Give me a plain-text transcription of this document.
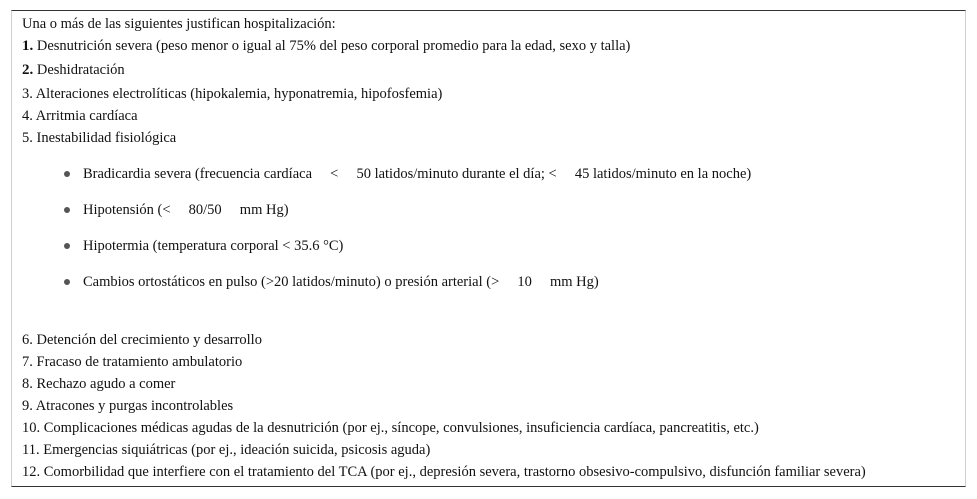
Una o más de las siguientes justifican hospitalización:
1. Desnutrición severa (peso menor o igual al 75% del peso corporal promedio para la edad, sexo y talla)
2. Deshidratación
3. Alteraciones electrolíticas (hipokalemia, hyponatremia, hipofosfemia)
4. Arritmia cardíaca
5. Inestabilidad fisiológica
Bradicardia severa (frecuencia cardíaca     <     50 latidos/minuto durante el día; <     45 latidos/minuto en la noche)
Hipotensión (<     80/50     mm Hg)
Hipotermia (temperatura corporal < 35.6 °C)
Cambios ortostáticos en pulso (>20 latidos/minuto) o presión arterial (>     10     mm Hg)
6. Detención del crecimiento y desarrollo
7. Fracaso de tratamiento ambulatorio
8. Rechazo agudo a comer
9. Atracones y purgas incontrolables
10. Complicaciones médicas agudas de la desnutrición (por ej., síncope, convulsiones, insuficiencia cardíaca, pancreatitis, etc.)
11. Emergencias siquiátricas (por ej., ideación suicida, psicosis aguda)
12. Comorbilidad que interfiere con el tratamiento del TCA (por ej., depresión severa, trastorno obsesivo-compulsivo, disfunción familiar severa)
